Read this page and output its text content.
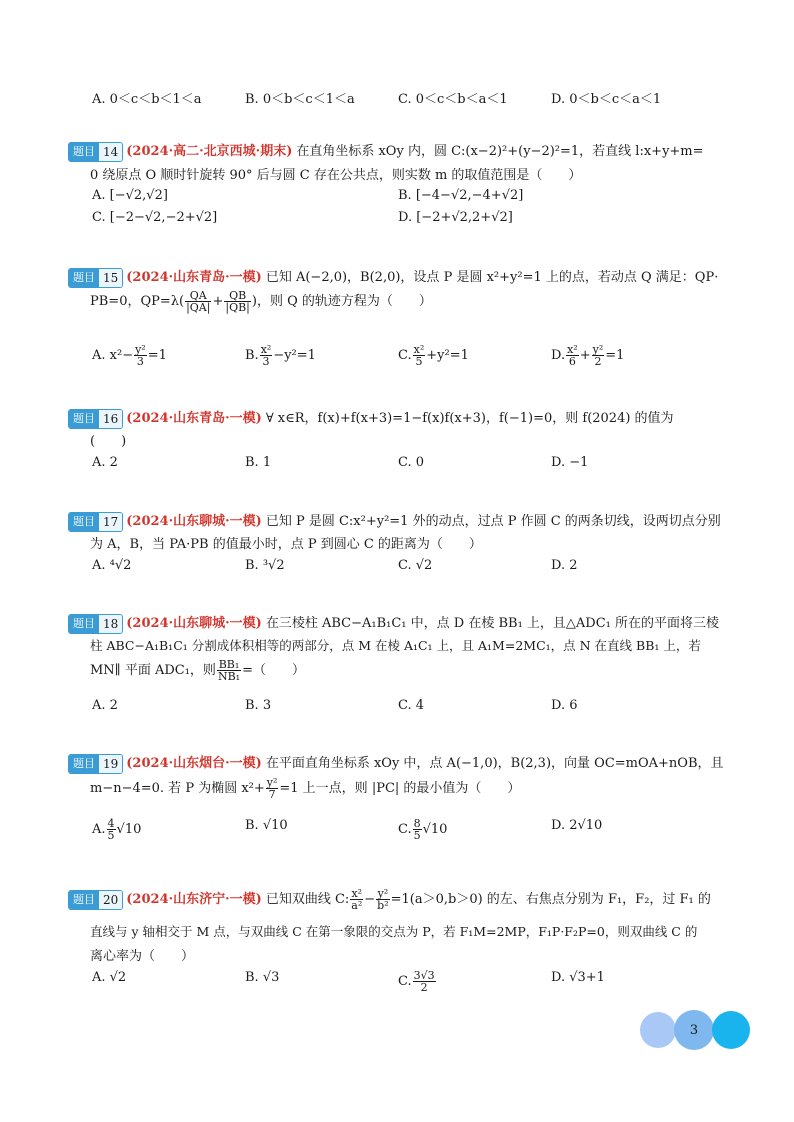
A. 0＜c＜b＜1＜a	B. 0＜b＜c＜1＜a	C. 0＜c＜b＜a＜1	D. 0＜b＜c＜a＜1
题目 14 (2024·高二·北京西城·期末) 在直角坐标系 xOy 内，圆 C:(x−2)²+(y−2)²=1，若直线 l:x+y+m=
0 绕原点 O 顺时针旋转 90° 后与圆 C 存在公共点，则实数 m 的取值范围是（　　）
A. [−√2,√2]	B. [−4−√2,−4+√2]
C. [−2−√2,−2+√2]	D. [−2+√2,2+√2]
题目 15 (2024·山东青岛·一模) 已知 A(−2,0)，B(2,0)，设点 P 是圆 x²+y²=1 上的点，若动点 Q 满足：QP·
PB=0，$QP=\lambda( \frac{QA}{|QA|} + \frac{QB}{|QB|}$ )，则 Q 的轨迹方程为（　　）
A. $x^2- \frac{\text{y²}}{3} =1$	B. $\frac{\text{x²}}{3} -y^2=1$	C. $\frac{\text{x²}}{5} +y^2=1$	D. $\frac{\text{x²}}{6} + \frac{\text{y²}}{2} =1$
题目 16 (2024·山东青岛·一模) ∀ x∈R，f(x)+f(x+3)=1−f(x)f(x+3)，f(−1)=0，则 f(2024) 的值为
(　　)
A. 2	B. 1	C. 0	D. −1
题目 17 (2024·山东聊城·一模) 已知 P 是圆 C:x²+y²=1 外的动点，过点 P 作圆 C 的两条切线，设两切点分别
为 A，B，当 PA·PB 的值最小时，点 P 到圆心 C 的距离为（　　）
A. ⁴√2	B. ³√2	C. √2	D. 2
题目 18 (2024·山东聊城·一模) 在三棱柱 ABC−A₁B₁C₁ 中，点 D 在棱 BB₁ 上，且△ADC₁ 所在的平面将三棱
柱 ABC−A₁B₁C₁ 分割成体积相等的两部分，点 M 在棱 A₁C₁ 上，且 A₁M=2MC₁，点 N 在直线 BB₁ 上，若
MN∥ 平面 ADC₁，则 $\frac{\text{BB₁}}{\text{NB₁}}$ =（　　）
A. 2	B. 3	C. 4	D. 6
题目 19 (2024·山东烟台·一模) 在平面直角坐标系 xOy 中，点 A(−1,0)，B(2,3)，向量 OC=mOA+nOB，且
m−n−4=0. 若 P 为椭圆 $x^2+ \frac{\text{y²}}{7} =1$ 上一点，则 |PC| 的最小值为（　　）
A. $\frac{4}{5} √10$	B. √10	C. $\frac{8}{5} √10$	D. 2√10
题目 20 (2024·山东济宁·一模) 已知双曲线 C: $\frac{\text{x²}}{\text{a²}} - \frac{\text{y²}}{\text{b²}} =1(a>0,b>0)$ 的左、右焦点分别为 F₁，F₂，过 F₁ 的
直线与 y 轴相交于 M 点，与双曲线 C 在第一象限的交点为 P，若 F₁M=2MP，F₁P·F₂P=0，则双曲线 C 的
离心率为（　　）
A. √2	B. √3	C. $\frac{3√3}{2}$	D. √3+1
3
